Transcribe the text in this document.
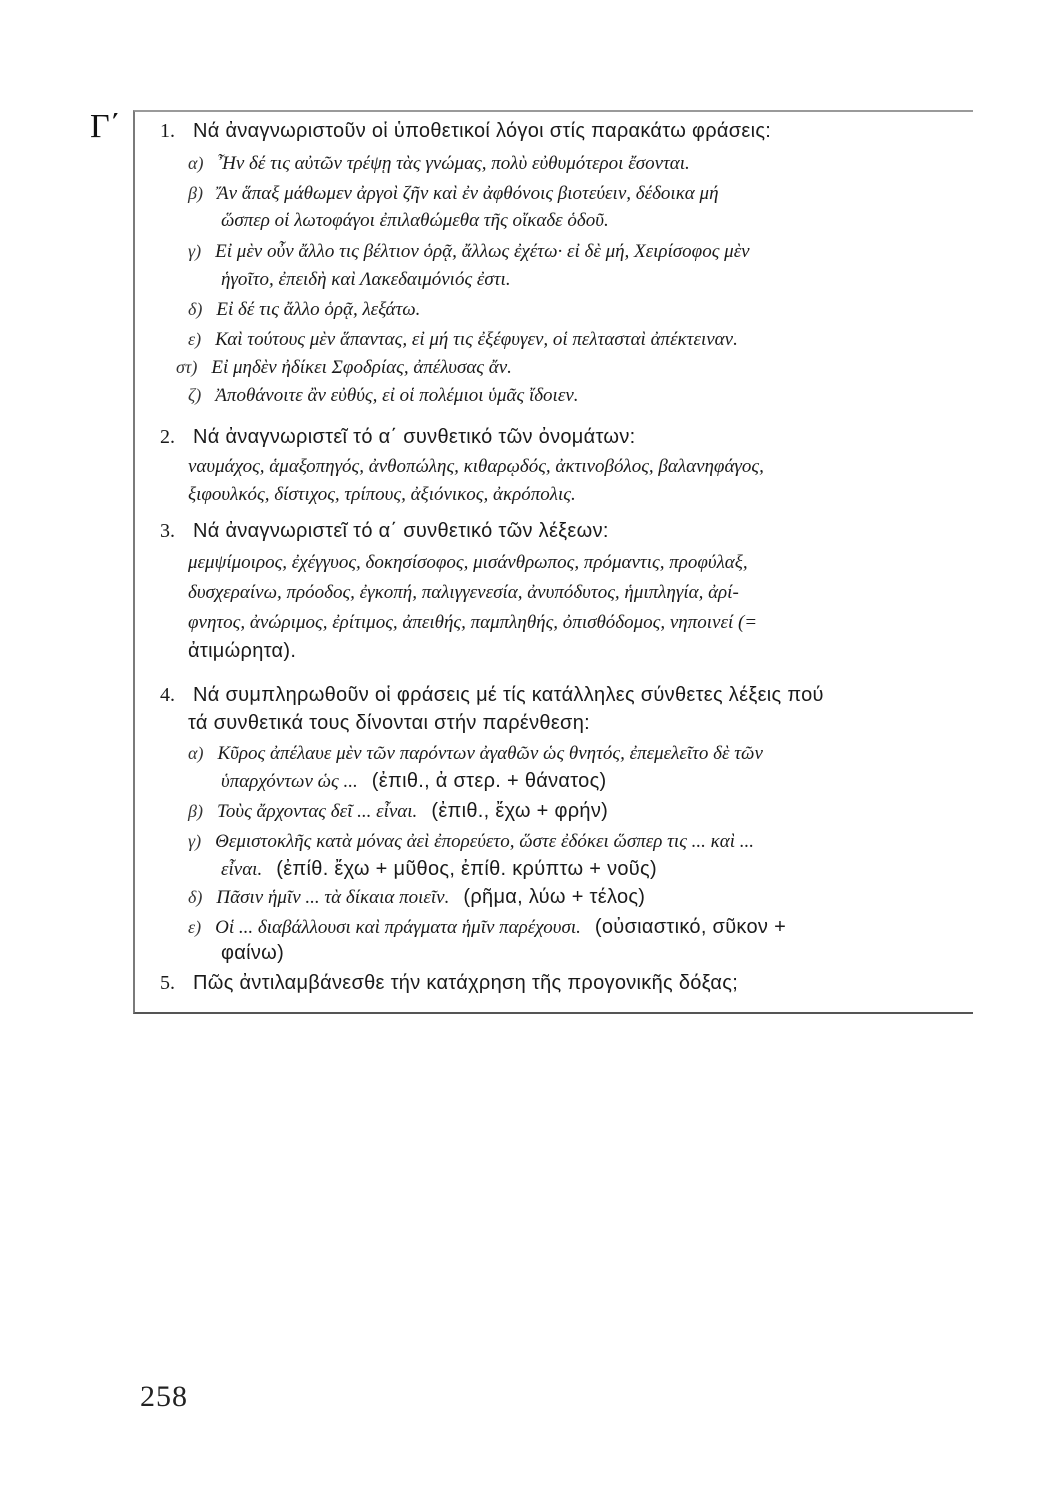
Γ΄ 1. Νά ἀναγνωριστοῦν οἱ ὑποθετικοί λόγοι στίς παρακάτω φράσεις:
α) Ἦν δέ τις αὐτῶν τρέψῃ τὰς γνώμας, πολὺ εὐθυμότεροι ἔσονται.
β) Ἄν ἅπαξ μάθωμεν ἀργοὶ ζῆν καὶ ἐν ἀφθόνοις βιοτεύειν, δέδοικα μή
ὥσπερ οἱ λωτοφάγοι ἐπιλαθώμεθα τῆς οἴκαδε ὁδοῦ.
γ) Εἰ μὲν οὖν ἄλλο τις βέλτιον ὁρᾷ, ἄλλως ἐχέτω· εἰ δὲ μή, Χειρίσοφος μὲν
ἡγοῖτο, ἐπειδὴ καὶ Λακεδαιμόνιός ἐστι.
δ) Εἰ δέ τις ἄλλο ὁρᾷ, λεξάτω.
ε) Καὶ τούτους μὲν ἅπαντας, εἰ μή τις ἐξέφυγεν, οἱ πελτασταὶ ἀπέκτειναν.
στ) Εἰ μηδὲν ἠδίκει Σφοδρίας, ἀπέλυσας ἄν.
ζ) Ἀποθάνοιτε ἂν εὐθύς, εἰ οἱ πολέμιοι ὑμᾶς ἴδοιεν.
2. Νά ἀναγνωριστεῖ τό α΄ συνθετικό τῶν ὀνομάτων:
ναυμάχος, ἁμαξοπηγός, ἀνθοπώλης, κιθαρῳδός, ἀκτινοβόλος, βαλανηφάγος,
ξιφουλκός, δίστιχος, τρίπους, ἀξιόνικος, ἀκρόπολις.
3. Νά ἀναγνωριστεῖ τό α΄ συνθετικό τῶν λέξεων:
μεμψίμοιρος, ἐχέγγυος, δοκησίσοφος, μισάνθρωπος, πρόμαντις, προφύλαξ,
δυσχεραίνω, πρόοδος, ἐγκοπή, παλιγγενεσία, ἀνυπόδυτος, ἡμιπληγία, ἀρί-
φνητος, ἀνώριμος, ἐρίτιμος, ἀπειθής, παμπληθής, ὀπισθόδομος, νηποινεί (=
ἀτιμώρητα).
4. Νά συμπληρωθοῦν οἱ φράσεις μέ τίς κατάλληλες σύνθετες λέξεις πού
τά συνθετικά τους δίνονται στήν παρένθεση:
α) Κῦρος ἀπέλαυε μὲν τῶν παρόντων ἀγαθῶν ὡς θνητός, ἐπεμελεῖτο δὲ τῶν
ὑπαρχόντων ὡς ... (ἐπιθ., ἀ στερ. + θάνατος)
β) Τοὺς ἄρχοντας δεῖ ... εἶναι. (ἐπιθ., ἔχω + φρήν)
γ) Θεμιστοκλῆς κατὰ μόνας ἀεὶ ἐπορεύετο, ὥστε ἐδόκει ὥσπερ τις ... καὶ ...
εἶναι. (ἐπίθ. ἔχω + μῦθος, ἐπίθ. κρύπτω + νοῦς)
δ) Πᾶσιν ἡμῖν ... τὰ δίκαια ποιεῖν. (ρῆμα, λύω + τέλος)
ε) Οἱ ... διαβάλλουσι καὶ πράγματα ἡμῖν παρέχουσι. (οὐσιαστικό, σῦκον +
φαίνω)
5. Πῶς ἀντιλαμβάνεσθε τήν κατάχρηση τῆς προγονικῆς δόξας;
258
